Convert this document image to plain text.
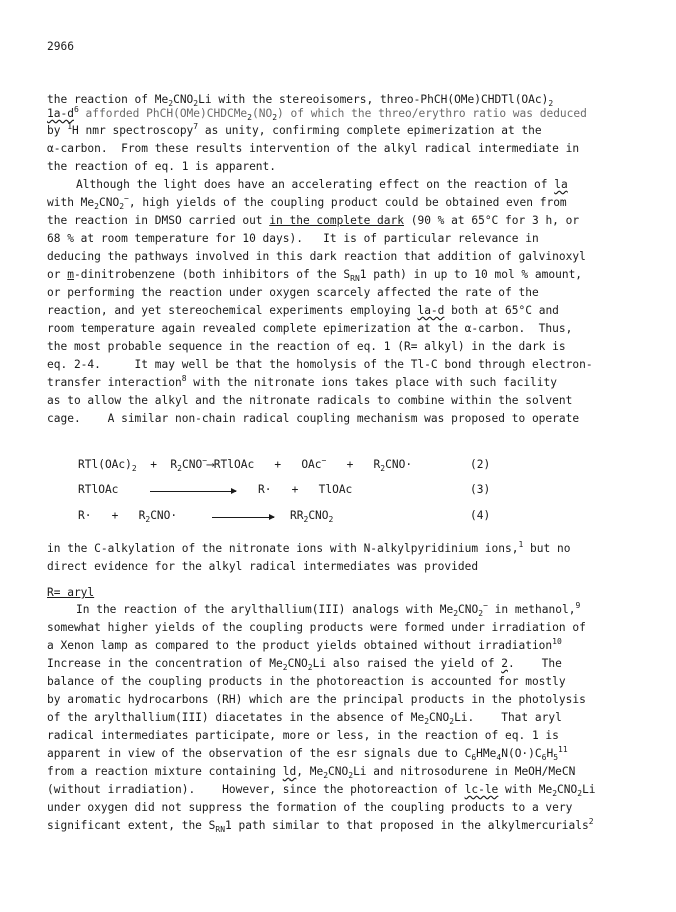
2966
the reaction of $Me_2CNO_2Li$ with the stereoisomers, threo-$PhCH(OMe)CHDTl(OAc)_2$
$1a-d^6$ afforded $PhCH(OMe)CHDCMe_2(NO_2)$ of which the threo/erythro ratio was deduced
by $^1$H nmr spectroscopy$^7$ as unity, confirming complete epimerization at the
α-carbon.  From these results intervention of the alkyl radical intermediate in
the reaction of eq. 1 is apparent.
Although the light does have an accelerating effect on the reaction of la
with $Me_2CNO_2^-$, high yields of the coupling product could be obtained even from
the reaction in DMSO carried out in the complete dark (90 % at 65°C for 3 h, or
68 % at room temperature for 10 days).   It is of particular relevance in
deducing the pathways involved in this dark reaction that addition of galvinoxyl
or m-dinitrobenzene (both inhibitors of the $S_{RN}1$ path) in up to 10 mol % amount,
or performing the reaction under oxygen scarcely affected the rate of the
reaction, and yet stereochemical experiments employing la-d both at 65°C and
room temperature again revealed complete epimerization at the α-carbon.  Thus,
the most probable sequence in the reaction of eq. 1 (R= alkyl) in the dark is
eq. 2-4.     It may well be that the homolysis of the Tl-C bond through electron-
transfer interaction$^8$ with the nitronate ions takes place with such facility
as to allow the alkyl and the nitronate radicals to combine within the solvent
cage.    A similar non-chain radical coupling mechanism was proposed to operate
$RTl(OAc)_2$  +  $R_2CNO^-⟶RTlOAc + OAc^- + R_2CNO\cdot$	(2)
RTlOAc	R·   +   TlOAc	(3)
$R\cdot + R_2CNO\cdot \to RR_2CNO_2$	(4)
in the C-alkylation of the nitronate ions with N-alkylpyridinium ions,$^1$ but no
direct evidence for the alkyl radical intermediates was provided
R= aryl
In the reaction of the arylthallium(III) analogs with $Me_2CNO_2^-$ in methanol,$^9$
somewhat higher yields of the coupling products were formed under irradiation of
a Xenon lamp as compared to the product yields obtained without irradiation$^{10}$
Increase in the concentration of $Me_2CNO_2Li$ also raised the yield of 2.    The
balance of the coupling products in the photoreaction is accounted for mostly
by aromatic hydrocarbons (RH) which are the principal products in the photolysis
of the arylthallium(III) diacetates in the absence of $Me_2CNO_2Li$.    That aryl
radical intermediates participate, more or less, in the reaction of eq. 1 is
apparent in view of the observation of the esr signals due to $C_6HMe_4N(O\cdot)C_6H_5^{11}$
from a reaction mixture containing ld, $Me_2CNO_2Li$ and nitrosodurene in MeOH/MeCN
(without irradiation).    However, since the photoreaction of lc-le with $Me_2CNO_2Li$
under oxygen did not suppress the formation of the coupling products to a very
significant extent, the $S_{RN}1$ path similar to that proposed in the alkylmercurials$^2$
